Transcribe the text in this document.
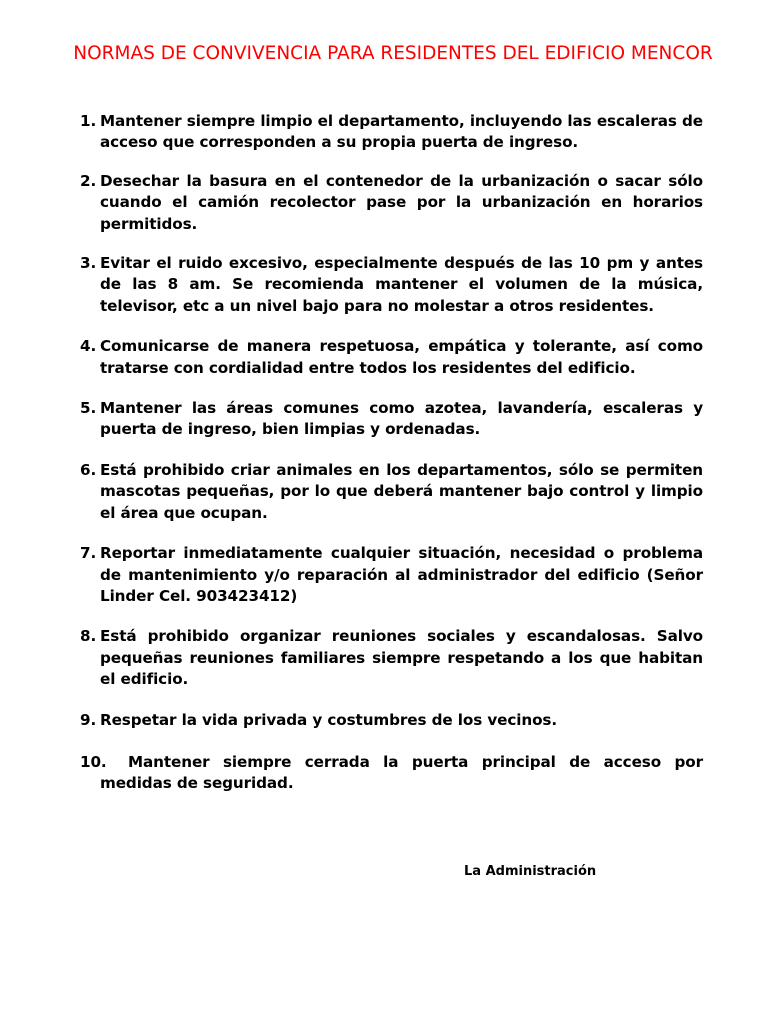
NORMAS DE CONVIVENCIA PARA RESIDENTES DEL EDIFICIO MENCOR
1. Mantener siempre limpio el departamento, incluyendo las escaleras de acceso que corresponden a su propia puerta de ingreso.
2. Desechar la basura en el contenedor de la urbanización o sacar sólo cuando el camión recolector pase por la urbanización en horarios permitidos.
3. Evitar el ruido excesivo, especialmente después de las 10 pm y antes de las 8 am. Se recomienda mantener el volumen de la música, televisor, etc a un nivel bajo para no molestar a otros residentes.
4. Comunicarse de manera respetuosa, empática y tolerante, así como tratarse con cordialidad entre todos los residentes del edificio.
5. Mantener las áreas comunes como azotea, lavandería, escaleras y puerta de ingreso, bien limpias y ordenadas.
6. Está prohibido criar animales en los departamentos, sólo se permiten mascotas pequeñas, por lo que deberá mantener bajo control y limpio el área que ocupan.
7. Reportar inmediatamente cualquier situación, necesidad o problema de mantenimiento y/o reparación al administrador del edificio (Señor Linder Cel. 903423412)
8. Está prohibido organizar reuniones sociales y escandalosas. Salvo pequeñas reuniones familiares siempre respetando a los que habitan el edificio.
9. Respetar la vida privada y costumbres de los vecinos.
10. Mantener siempre cerrada la puerta principal de acceso por medidas de seguridad.

La Administración
